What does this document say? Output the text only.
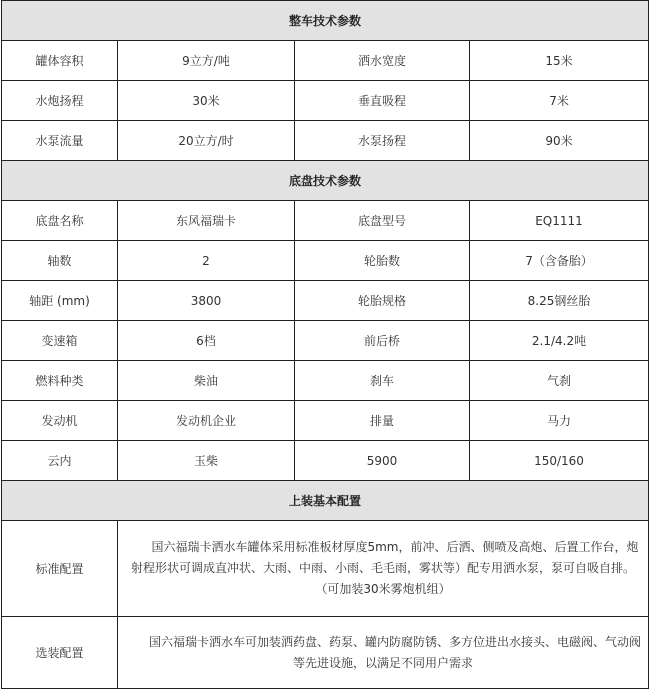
整车技术参数			
罐体容积	9立方/吨	洒水宽度	15米
水炮扬程	30米	垂直吸程	7米
水泵流量	20立方/时	水泵扬程	90米
底盘技术参数			
底盘名称	东风福瑞卡	底盘型号	EQ1111
轴数	2	轮胎数	7（含备胎）
轴距 (mm)	3800	轮胎规格	8.25钢丝胎
变速箱	6档	前后桥	2.1/4.2吨
燃料种类	柴油	刹车	气刹
发动机	发动机企业	排量	马力
云内	玉柴	5900	150/160
上装基本配置			
标准配置	　　国六福瑞卡洒水车罐体采用标准板材厚度5mm，前冲、后洒、侧喷及高炮、后置工作台，炮射程形状可调成直冲状、大雨、中雨、小雨、毛毛雨，雾状等）配专用洒水泵，泵可自吸自排。 （可加装30米雾炮机组）		
选装配置	　　国六福瑞卡洒水车可加装洒药盘、药泵、罐内防腐防锈、多方位进出水接头、电磁阀、气动阀等先进设施，以满足不同用户需求		
